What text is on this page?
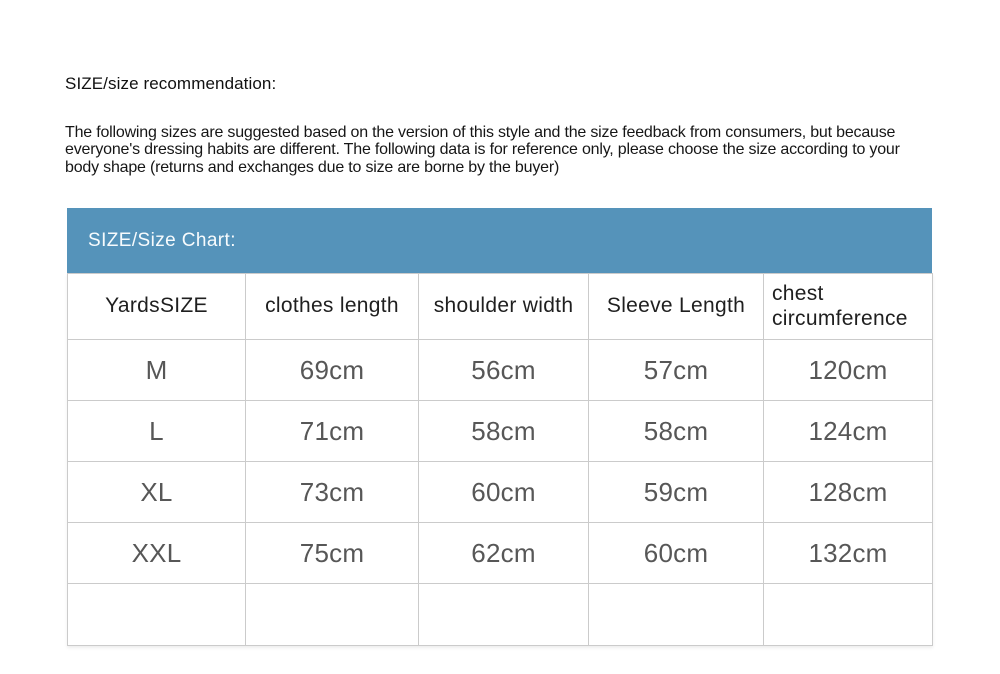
SIZE/size recommendation:
The following sizes are suggested based on the version of this style and the size feedback from consumers, but because everyone's dressing habits are different. The following data is for reference only, please choose the size according to your body shape (returns and exchanges due to size are borne by the buyer)
SIZE/Size Chart:
YardsSIZE	clothes length	shoulder width	Sleeve Length	chest circumference
M	69cm	56cm	57cm	120cm
L	71cm	58cm	58cm	124cm
XL	73cm	60cm	59cm	128cm
XXL	75cm	62cm	60cm	132cm
